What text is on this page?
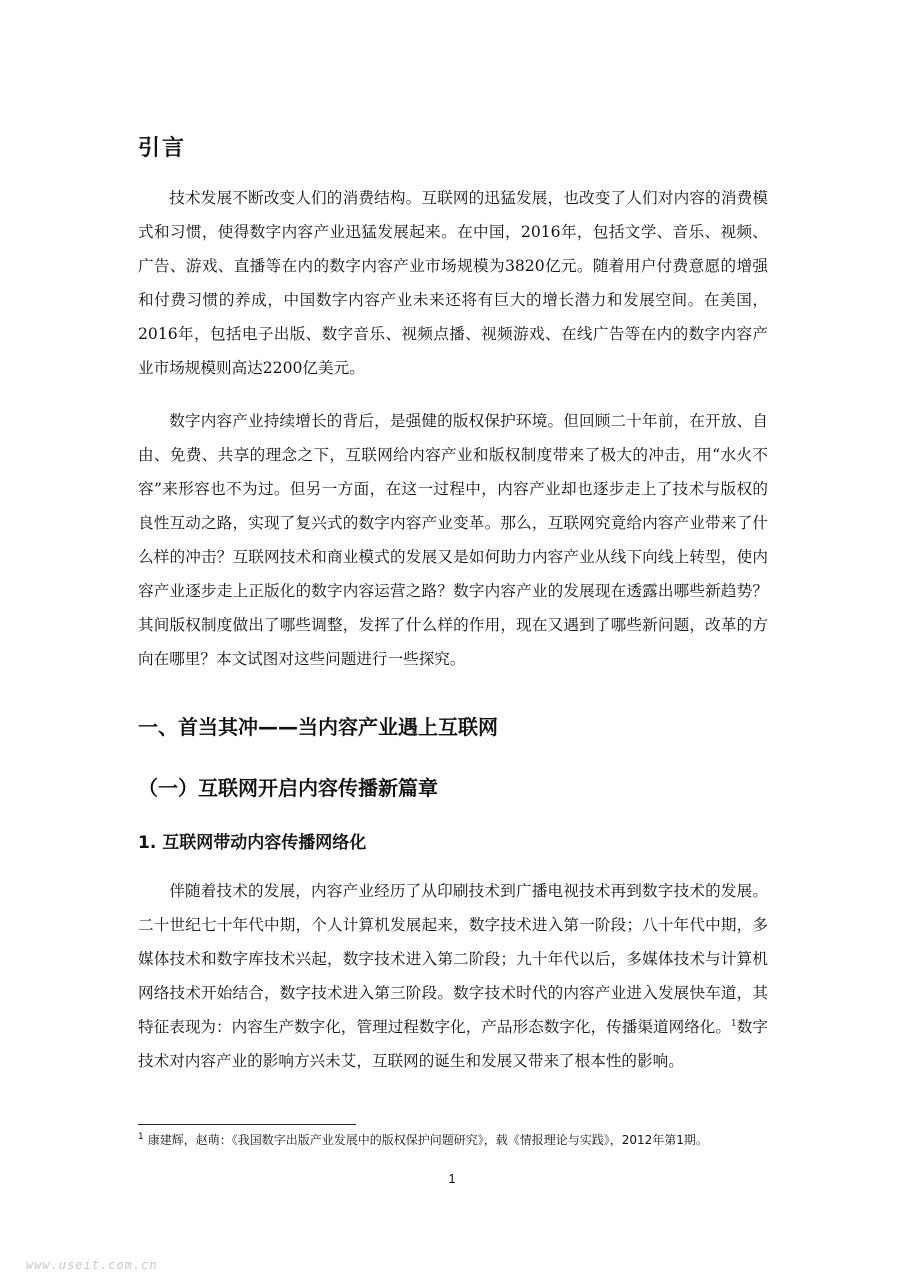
引言

技术发展不断改变人们的消费结构。互联网的迅猛发展，也改变了人们对内容的消费模式和习惯，使得数字内容产业迅猛发展起来。在中国，2016年，包括文学、音乐、视频、广告、游戏、直播等在内的数字内容产业市场规模为3820亿元。随着用户付费意愿的增强和付费习惯的养成，中国数字内容产业未来还将有巨大的增长潜力和发展空间。在美国，2016年，包括电子出版、数字音乐、视频点播、视频游戏、在线广告等在内的数字内容产业市场规模则高达2200亿美元。

数字内容产业持续增长的背后，是强健的版权保护环境。但回顾二十年前，在开放、自由、免费、共享的理念之下，互联网给内容产业和版权制度带来了极大的冲击，用“水火不容”来形容也不为过。但另一方面，在这一过程中，内容产业却也逐步走上了技术与版权的良性互动之路，实现了复兴式的数字内容产业变革。那么，互联网究竟给内容产业带来了什么样的冲击？互联网技术和商业模式的发展又是如何助力内容产业从线下向线上转型，使内容产业逐步走上正版化的数字内容运营之路？数字内容产业的发展现在透露出哪些新趋势？其间版权制度做出了哪些调整，发挥了什么样的作用，现在又遇到了哪些新问题，改革的方向在哪里？本文试图对这些问题进行一些探究。

一、首当其冲——当内容产业遇上互联网
（一）互联网开启内容传播新篇章
1. 互联网带动内容传播网络化

伴随着技术的发展，内容产业经历了从印刷技术到广播电视技术再到数字技术的发展。二十世纪七十年代中期，个人计算机发展起来，数字技术进入第一阶段；八十年代中期，多媒体技术和数字库技术兴起，数字技术进入第二阶段；九十年代以后，多媒体技术与计算机网络技术开始结合，数字技术进入第三阶段。数字技术时代的内容产业进入发展快车道，其特征表现为：内容生产数字化，管理过程数字化，产品形态数字化，传播渠道网络化。$^1$数字技术对内容产业的影响方兴未艾，互联网的诞生和发展又带来了根本性的影响。

$^1$ 康建辉，赵萌：《我国数字出版产业发展中的版权保护问题研究》，载《情报理论与实践》，2012年第1期。

1
www.useit.com.cn
